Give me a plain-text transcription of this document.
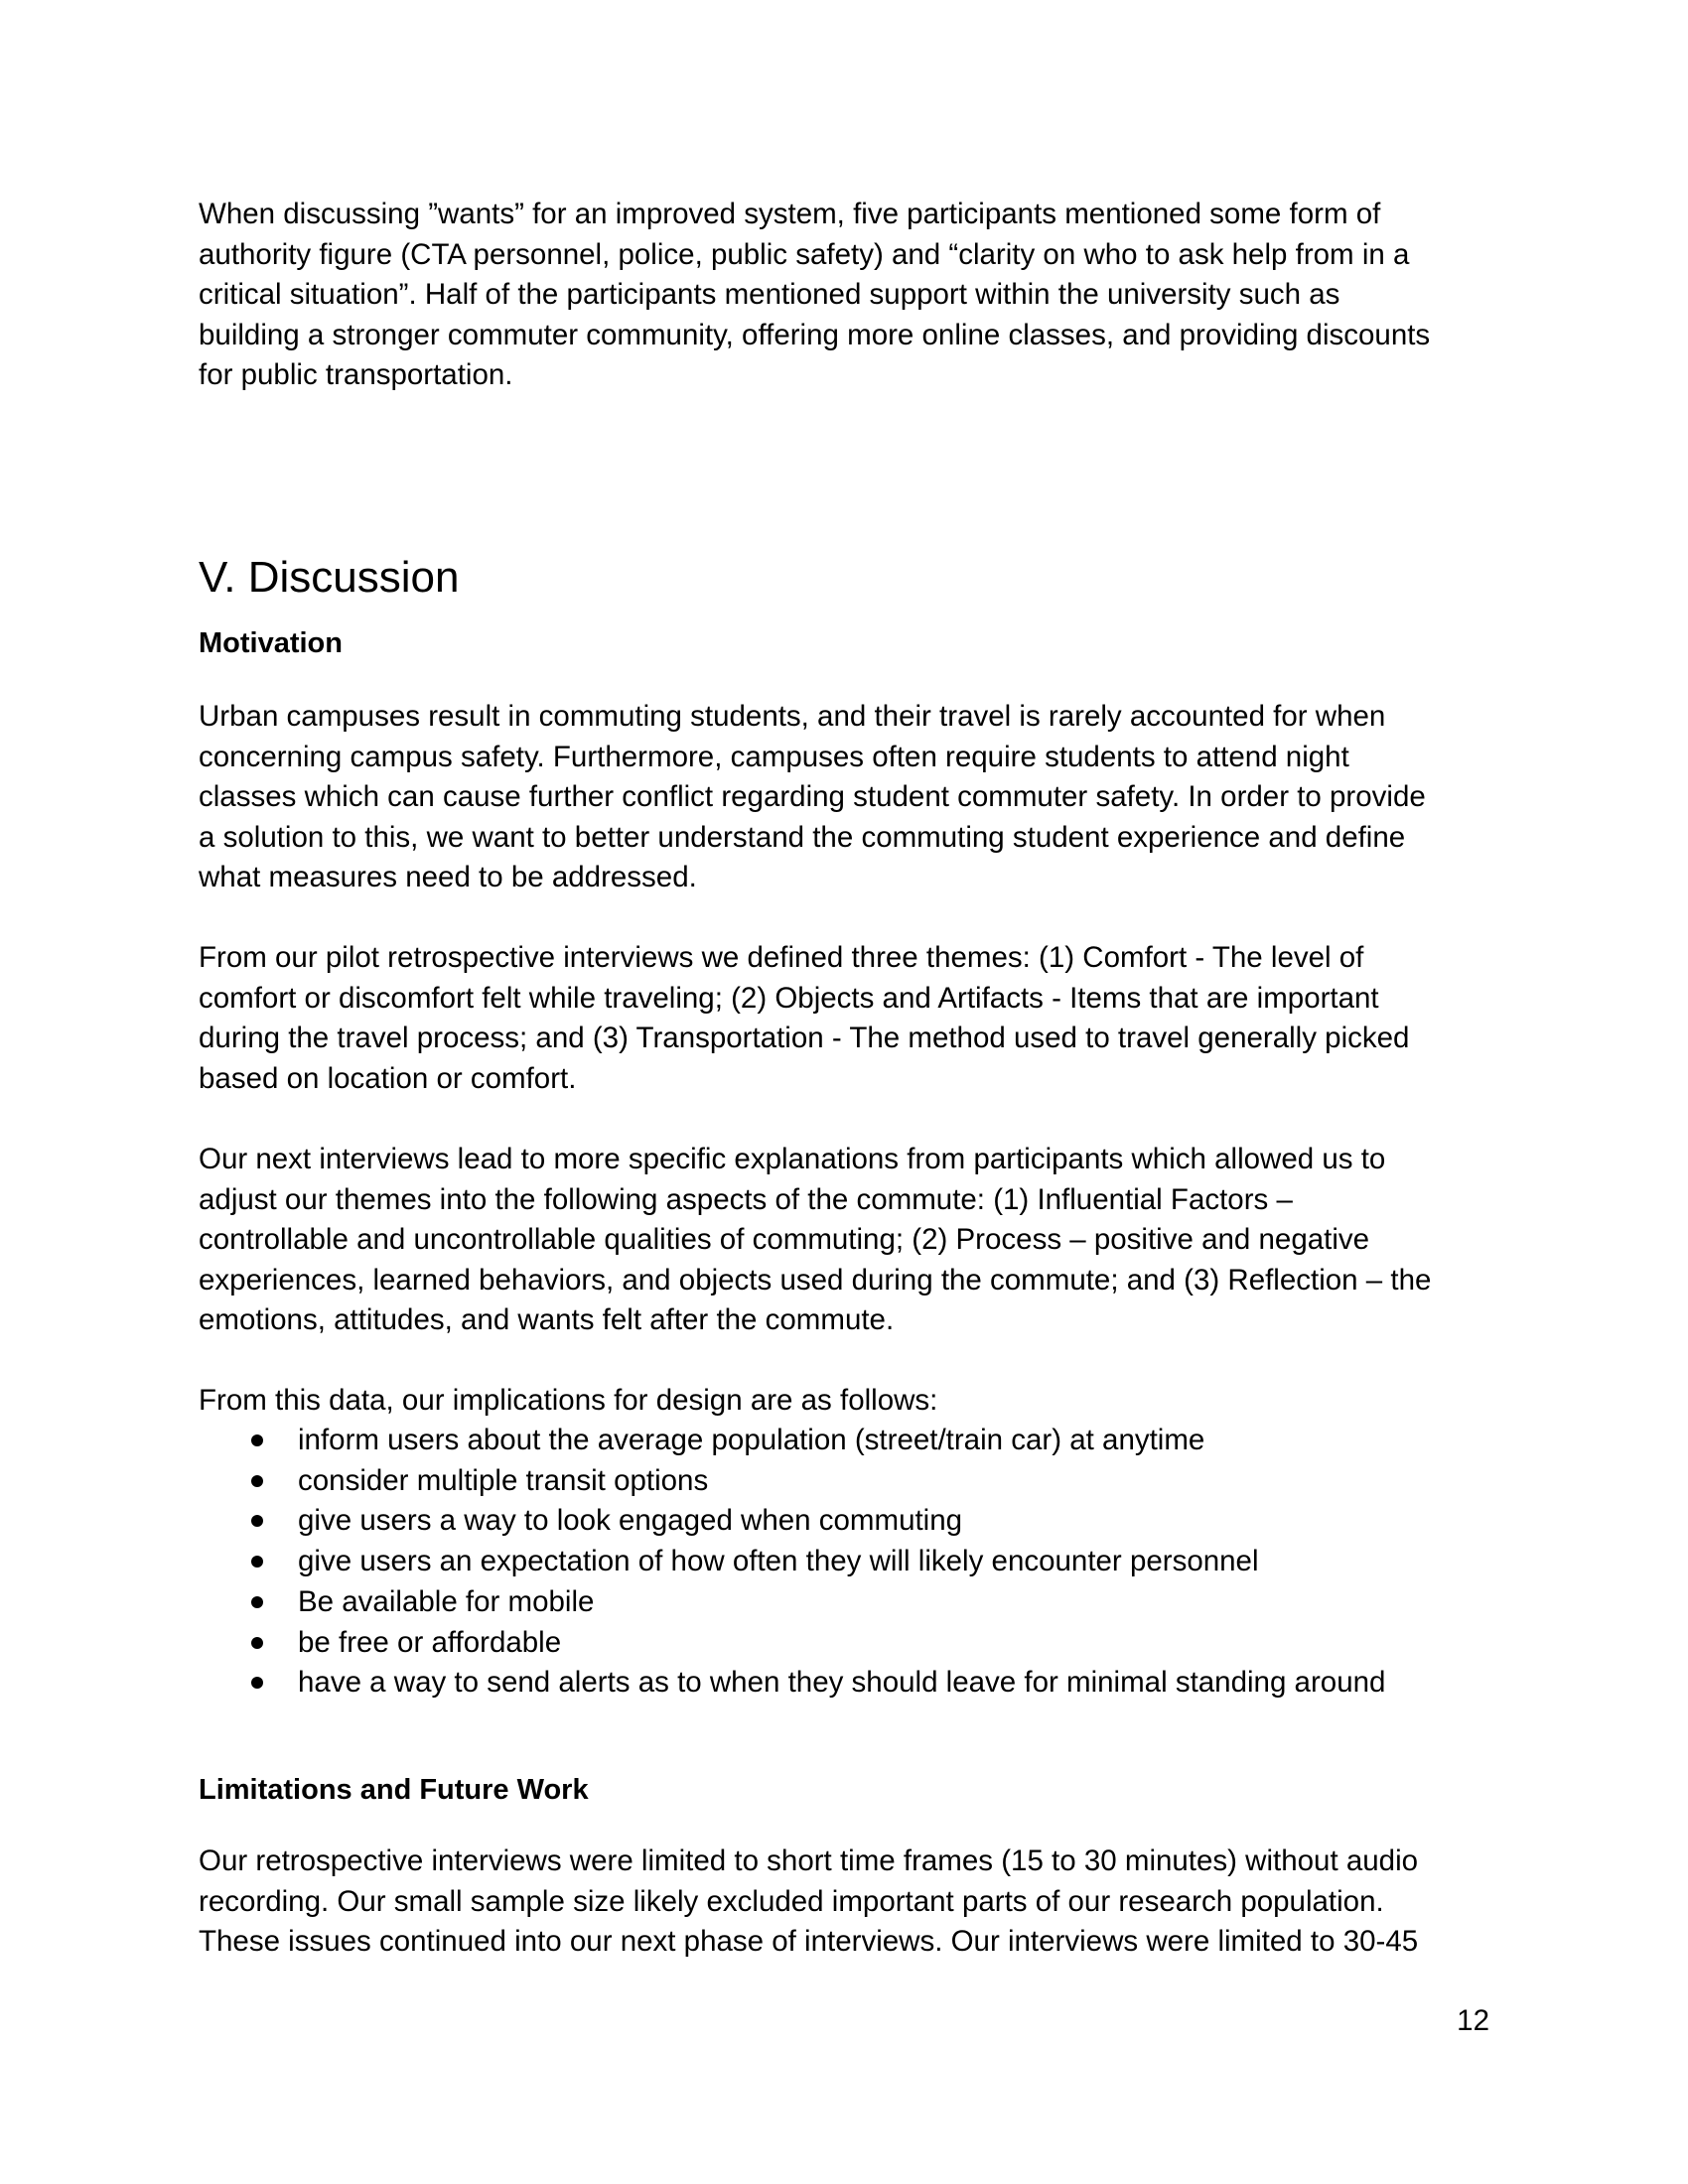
When discussing ”wants” for an improved system, five participants mentioned some form of
authority figure (CTA personnel, police, public safety) and “clarity on who to ask help from in a
critical situation”. Half of the participants mentioned support within the university such as
building a stronger commuter community, offering more online classes, and providing discounts
for public transportation.

V. Discussion
Motivation

Urban campuses result in commuting students, and their travel is rarely accounted for when
concerning campus safety. Furthermore, campuses often require students to attend night
classes which can cause further conflict regarding student commuter safety. In order to provide
a solution to this, we want to better understand the commuting student experience and define
what measures need to be addressed.

From our pilot retrospective interviews we defined three themes: (1) Comfort - The level of
comfort or discomfort felt while traveling; (2) Objects and Artifacts - Items that are important
during the travel process; and (3) Transportation - The method used to travel generally picked
based on location or comfort.

Our next interviews lead to more specific explanations from participants which allowed us to
adjust our themes into the following aspects of the commute: (1) Influential Factors –
controllable and uncontrollable qualities of commuting; (2) Process – positive and negative
experiences, learned behaviors, and objects used during the commute; and (3) Reflection – the
emotions, attitudes, and wants felt after the commute.

From this data, our implications for design are as follows:

inform users about the average population (street/train car) at anytime
consider multiple transit options
give users a way to look engaged when commuting
give users an expectation of how often they will likely encounter personnel
Be available for mobile
be free or affordable
have a way to send alerts as to when they should leave for minimal standing around
Limitations and Future Work

Our retrospective interviews were limited to short time frames (15 to 30 minutes) without audio
recording. Our small sample size likely excluded important parts of our research population.
These issues continued into our next phase of interviews. Our interviews were limited to 30-45

12
